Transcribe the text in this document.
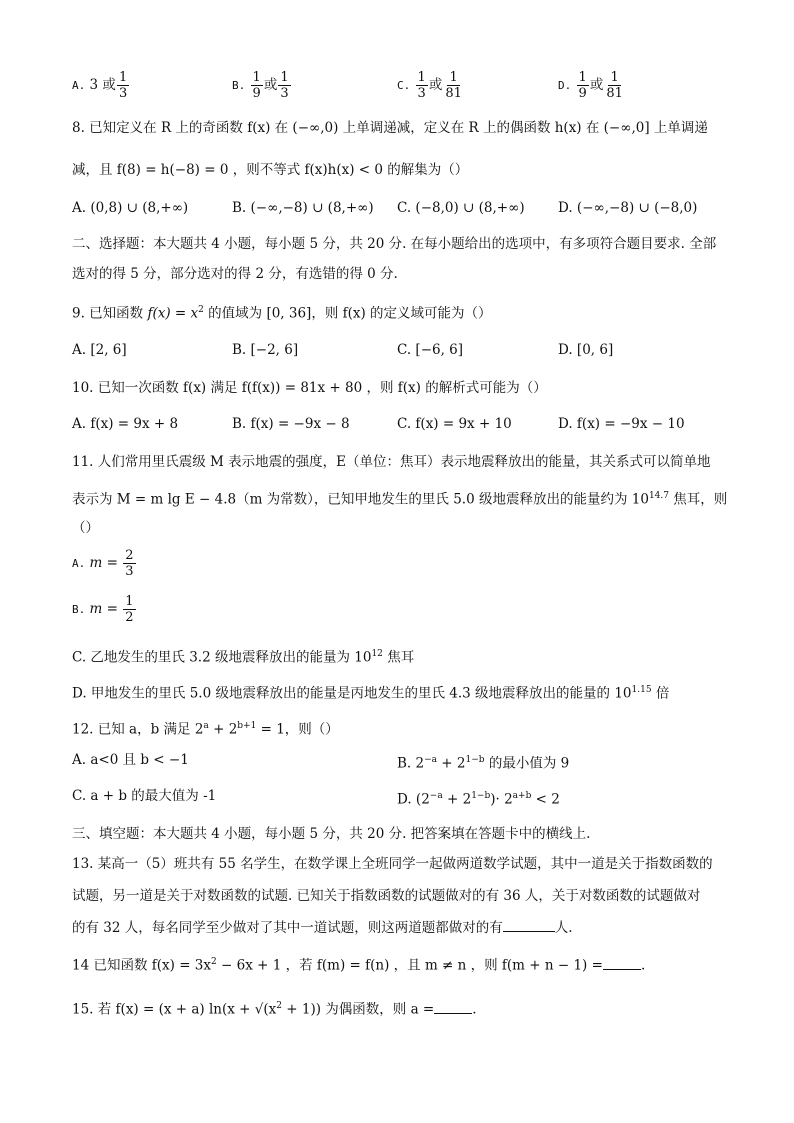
A. 3 或 $\frac{1}{3}$	B. $\frac{1}{9}$ 或 $\frac{1}{3}$	C. $\frac{1}{3}$ 或 $\frac{1}{81}$	D. $\frac{1}{9}$ 或 $\frac{1}{81}$
8. 已知定义在 R 上的奇函数 f(x) 在 (−∞,0) 上单调递减，定义在 R 上的偶函数 h(x) 在 (−∞,0] 上单调递
减，且 f(8) = h(−8) = 0 ，则不等式 f(x)h(x) < 0 的解集为（）
A. (0,8) ∪ (8,+∞)	B. (−∞,−8) ∪ (8,+∞) C. (−8,0) ∪ (8,+∞) D. (−∞,−8) ∪ (−8,0)
二、选择题：本大题共 4 小题，每小题 5 分，共 20 分. 在每小题给出的选项中，有多项符合题目要求. 全部
选对的得 5 分，部分选对的得 2 分，有选错的得 0 分.
9. 已知函数 $f(x) = x^2$ 的值域为 [0, 36]，则 f(x) 的定义域可能为（）
A. [2, 6]	B. [−2, 6]	C. [−6, 6]	D. [0, 6]
10. 已知一次函数 f(x) 满足 f(f(x)) = 81x + 80 ，则 f(x) 的解析式可能为（）
A. f(x) = 9x + 8	B. f(x) = −9x − 8	C. f(x) = 9x + 10	D. f(x) = −9x − 10
11. 人们常用里氏震级 M 表示地震的强度，E（单位：焦耳）表示地震释放出的能量，其关系式可以简单地
表示为 M = m lg E − 4.8（m 为常数），已知甲地发生的里氏 5.0 级地震释放出的能量约为 $10^{14.7}$ 焦耳，则
（）
A. $m = \frac{2}{3}$
B. $m = \frac{1}{2}$
C. 乙地发生的里氏 3.2 级地震释放出的能量为 $10^{12}$ 焦耳
D. 甲地发生的里氏 5.0 级地震释放出的能量是丙地发生的里氏 4.3 级地震释放出的能量的 $10^{1.15}$ 倍
12. 已知 a，b 满足 $2^a + 2^{b+1} = 1$，则（）
A. a<0 且 b < −1	B. $2^{-a} + 2^{1-b}$ 的最小值为 9
C. a + b 的最大值为 -1	D. $(2^{-a} + 2^{1-b})\cdot 2^{a+b} < 2$
三、填空题：本大题共 4 小题，每小题 5 分，共 20 分. 把答案填在答题卡中的横线上.
13. 某高一（5）班共有 55 名学生，在数学课上全班同学一起做两道数学试题，其中一道是关于指数函数的
试题，另一道是关于对数函数的试题. 已知关于指数函数的试题做对的有 36 人，关于对数函数的试题做对
的有 32 人，每名同学至少做对了其中一道试题，则这两道题都做对的有	人.
14 已知函数 $f(x) = 3x^2 - 6x + 1$ ，若 f(m) = f(n) ，且 m ≠ n ，则 f(m + n − 1) =	.
15. 若 f(x) = (x + a) $\ln(x + √(x^2 + 1))$ 为偶函数，则 a =	.
